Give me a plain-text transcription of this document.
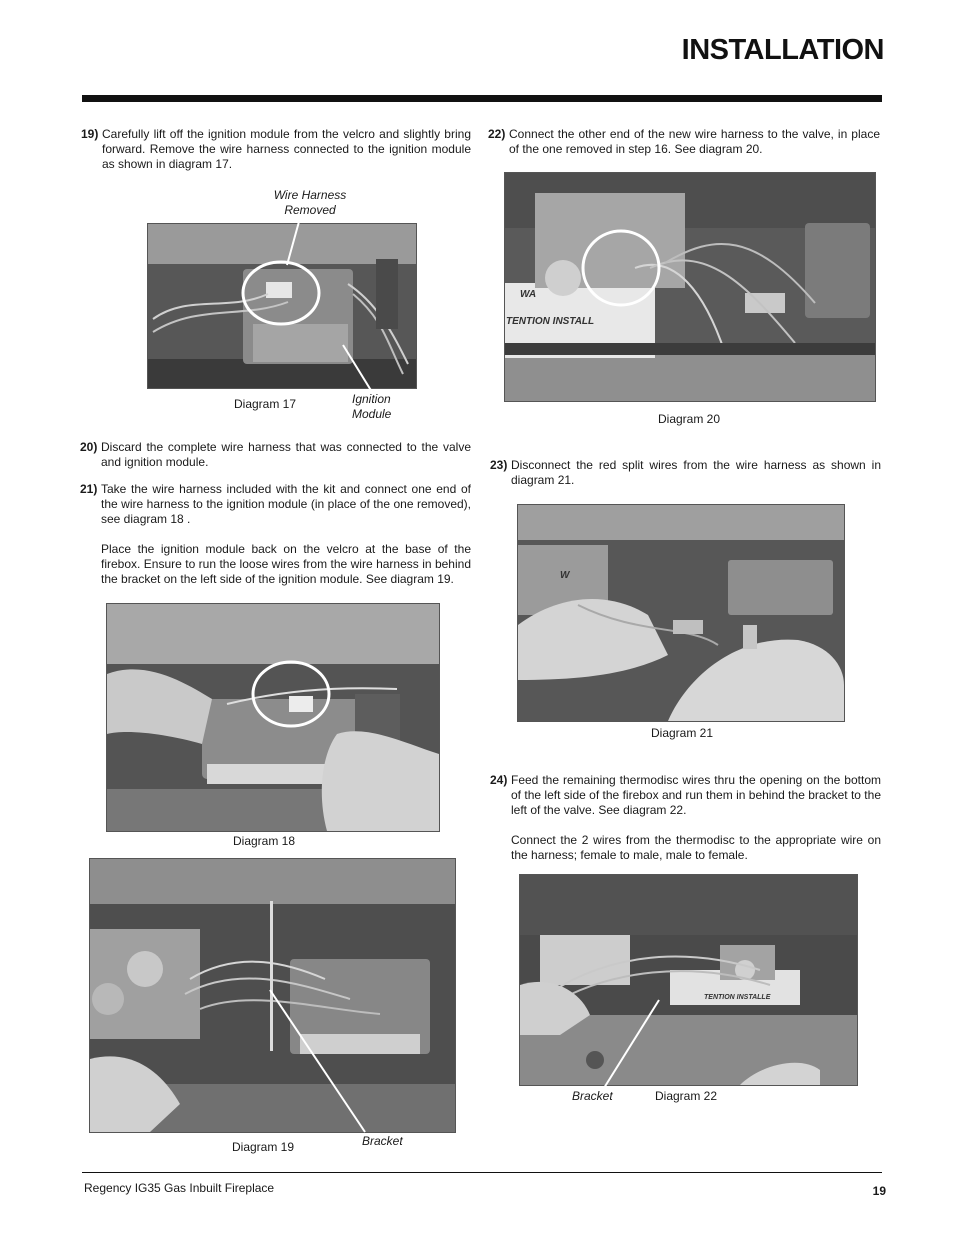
INSTALLATION
19) Carefully lift off the ignition module from the velcro and slightly bring forward. Remove the wire harness connected to the ignition module as shown in diagram 17.

Wire Harness Removed
Diagram 17	Ignition Module
20) Discard the complete wire harness that was connected to the valve and ignition module.

21) Take the wire harness included with the kit and connect one end of the wire harness to the ignition module (in place of the one removed), see diagram 18 .

Place the ignition module back on the velcro at the base of the firebox. Ensure to run the loose wires from the wire harness in behind the bracket on the left side of the ignition module. See diagram 19.

Diagram 18
Diagram 19	Bracket
22) Connect the other end of the new wire harness to the valve, in place of the one removed in step 16. See diagram 20.

WA
TENTION INSTALL
Diagram 20
23) Disconnect the red split wires from the wire harness as shown in diagram 21.

W
Diagram 21
24) Feed the remaining thermodisc wires thru the opening on the bottom of the left side of the firebox and run them in behind the bracket to the left of the valve. See diagram 22.

Connect the 2 wires from the thermodisc to the appropriate wire on the harness; female to male, male to female.

TENTION INSTALLE
Bracket	Diagram 22
Regency IG35 Gas Inbuilt Fireplace	19
